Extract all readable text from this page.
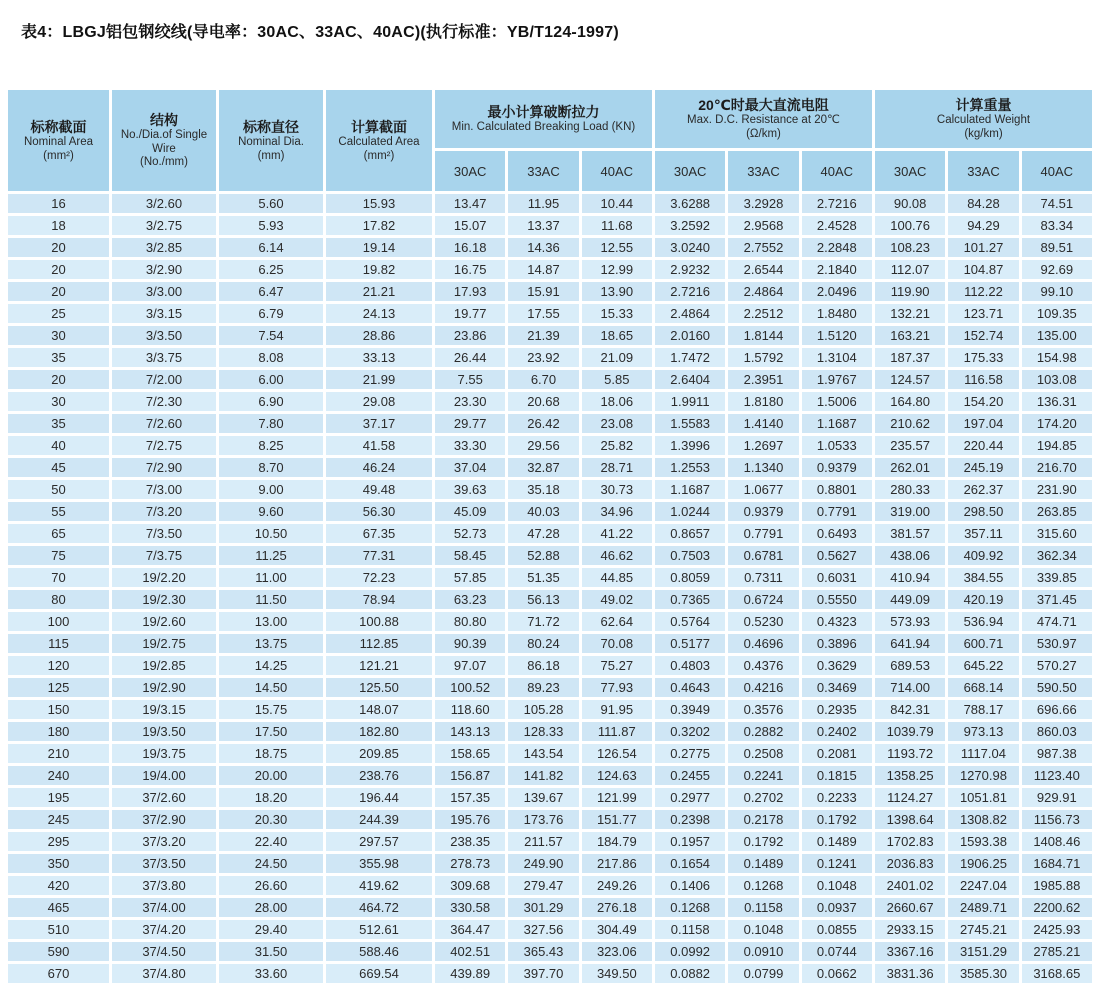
表4：LBGJ铝包钢绞线(导电率：30AC、33AC、40AC)(执行标准：YB/T124-1997)
标称截面
Nominal Area
(mm²)

结构
No./Dia.of Single Wire
(No./mm)

标称直径
Nominal Dia.
(mm)

计算截面
Calculated Area
(mm²)

最小计算破断拉力
Min. Calculated Breaking Load (KN)

20℃时最大直流电阻
Max. D.C. Resistance at 20℃
(Ω/km)

计算重量
Calculated Weight
(kg/km)

				30AC	33AC	40AC	30AC	33AC	40AC	30AC	33AC	40AC
16	3/2.60	5.60	15.93	13.47	11.95	10.44	3.6288	3.2928	2.7216	90.08	84.28	74.51
18	3/2.75	5.93	17.82	15.07	13.37	11.68	3.2592	2.9568	2.4528	100.76	94.29	83.34
20	3/2.85	6.14	19.14	16.18	14.36	12.55	3.0240	2.7552	2.2848	108.23	101.27	89.51
20	3/2.90	6.25	19.82	16.75	14.87	12.99	2.9232	2.6544	2.1840	112.07	104.87	92.69
20	3/3.00	6.47	21.21	17.93	15.91	13.90	2.7216	2.4864	2.0496	119.90	112.22	99.10
25	3/3.15	6.79	24.13	19.77	17.55	15.33	2.4864	2.2512	1.8480	132.21	123.71	109.35
30	3/3.50	7.54	28.86	23.86	21.39	18.65	2.0160	1.8144	1.5120	163.21	152.74	135.00
35	3/3.75	8.08	33.13	26.44	23.92	21.09	1.7472	1.5792	1.3104	187.37	175.33	154.98
20	7/2.00	6.00	21.99	7.55	6.70	5.85	2.6404	2.3951	1.9767	124.57	116.58	103.08
30	7/2.30	6.90	29.08	23.30	20.68	18.06	1.9911	1.8180	1.5006	164.80	154.20	136.31
35	7/2.60	7.80	37.17	29.77	26.42	23.08	1.5583	1.4140	1.1687	210.62	197.04	174.20
40	7/2.75	8.25	41.58	33.30	29.56	25.82	1.3996	1.2697	1.0533	235.57	220.44	194.85
45	7/2.90	8.70	46.24	37.04	32.87	28.71	1.2553	1.1340	0.9379	262.01	245.19	216.70
50	7/3.00	9.00	49.48	39.63	35.18	30.73	1.1687	1.0677	0.8801	280.33	262.37	231.90
55	7/3.20	9.60	56.30	45.09	40.03	34.96	1.0244	0.9379	0.7791	319.00	298.50	263.85
65	7/3.50	10.50	67.35	52.73	47.28	41.22	0.8657	0.7791	0.6493	381.57	357.11	315.60
75	7/3.75	11.25	77.31	58.45	52.88	46.62	0.7503	0.6781	0.5627	438.06	409.92	362.34
70	19/2.20	11.00	72.23	57.85	51.35	44.85	0.8059	0.7311	0.6031	410.94	384.55	339.85
80	19/2.30	11.50	78.94	63.23	56.13	49.02	0.7365	0.6724	0.5550	449.09	420.19	371.45
100	19/2.60	13.00	100.88	80.80	71.72	62.64	0.5764	0.5230	0.4323	573.93	536.94	474.71
115	19/2.75	13.75	112.85	90.39	80.24	70.08	0.5177	0.4696	0.3896	641.94	600.71	530.97
120	19/2.85	14.25	121.21	97.07	86.18	75.27	0.4803	0.4376	0.3629	689.53	645.22	570.27
125	19/2.90	14.50	125.50	100.52	89.23	77.93	0.4643	0.4216	0.3469	714.00	668.14	590.50
150	19/3.15	15.75	148.07	118.60	105.28	91.95	0.3949	0.3576	0.2935	842.31	788.17	696.66
180	19/3.50	17.50	182.80	143.13	128.33	111.87	0.3202	0.2882	0.2402	1039.79	973.13	860.03
210	19/3.75	18.75	209.85	158.65	143.54	126.54	0.2775	0.2508	0.2081	1193.72	1117.04	987.38
240	19/4.00	20.00	238.76	156.87	141.82	124.63	0.2455	0.2241	0.1815	1358.25	1270.98	1123.40
195	37/2.60	18.20	196.44	157.35	139.67	121.99	0.2977	0.2702	0.2233	1124.27	1051.81	929.91
245	37/2.90	20.30	244.39	195.76	173.76	151.77	0.2398	0.2178	0.1792	1398.64	1308.82	1156.73
295	37/3.20	22.40	297.57	238.35	211.57	184.79	0.1957	0.1792	0.1489	1702.83	1593.38	1408.46
350	37/3.50	24.50	355.98	278.73	249.90	217.86	0.1654	0.1489	0.1241	2036.83	1906.25	1684.71
420	37/3.80	26.60	419.62	309.68	279.47	249.26	0.1406	0.1268	0.1048	2401.02	2247.04	1985.88
465	37/4.00	28.00	464.72	330.58	301.29	276.18	0.1268	0.1158	0.0937	2660.67	2489.71	2200.62
510	37/4.20	29.40	512.61	364.47	327.56	304.49	0.1158	0.1048	0.0855	2933.15	2745.21	2425.93
590	37/4.50	31.50	588.46	402.51	365.43	323.06	0.0992	0.0910	0.0744	3367.16	3151.29	2785.21
670	37/4.80	33.60	669.54	439.89	397.70	349.50	0.0882	0.0799	0.0662	3831.36	3585.30	3168.65
